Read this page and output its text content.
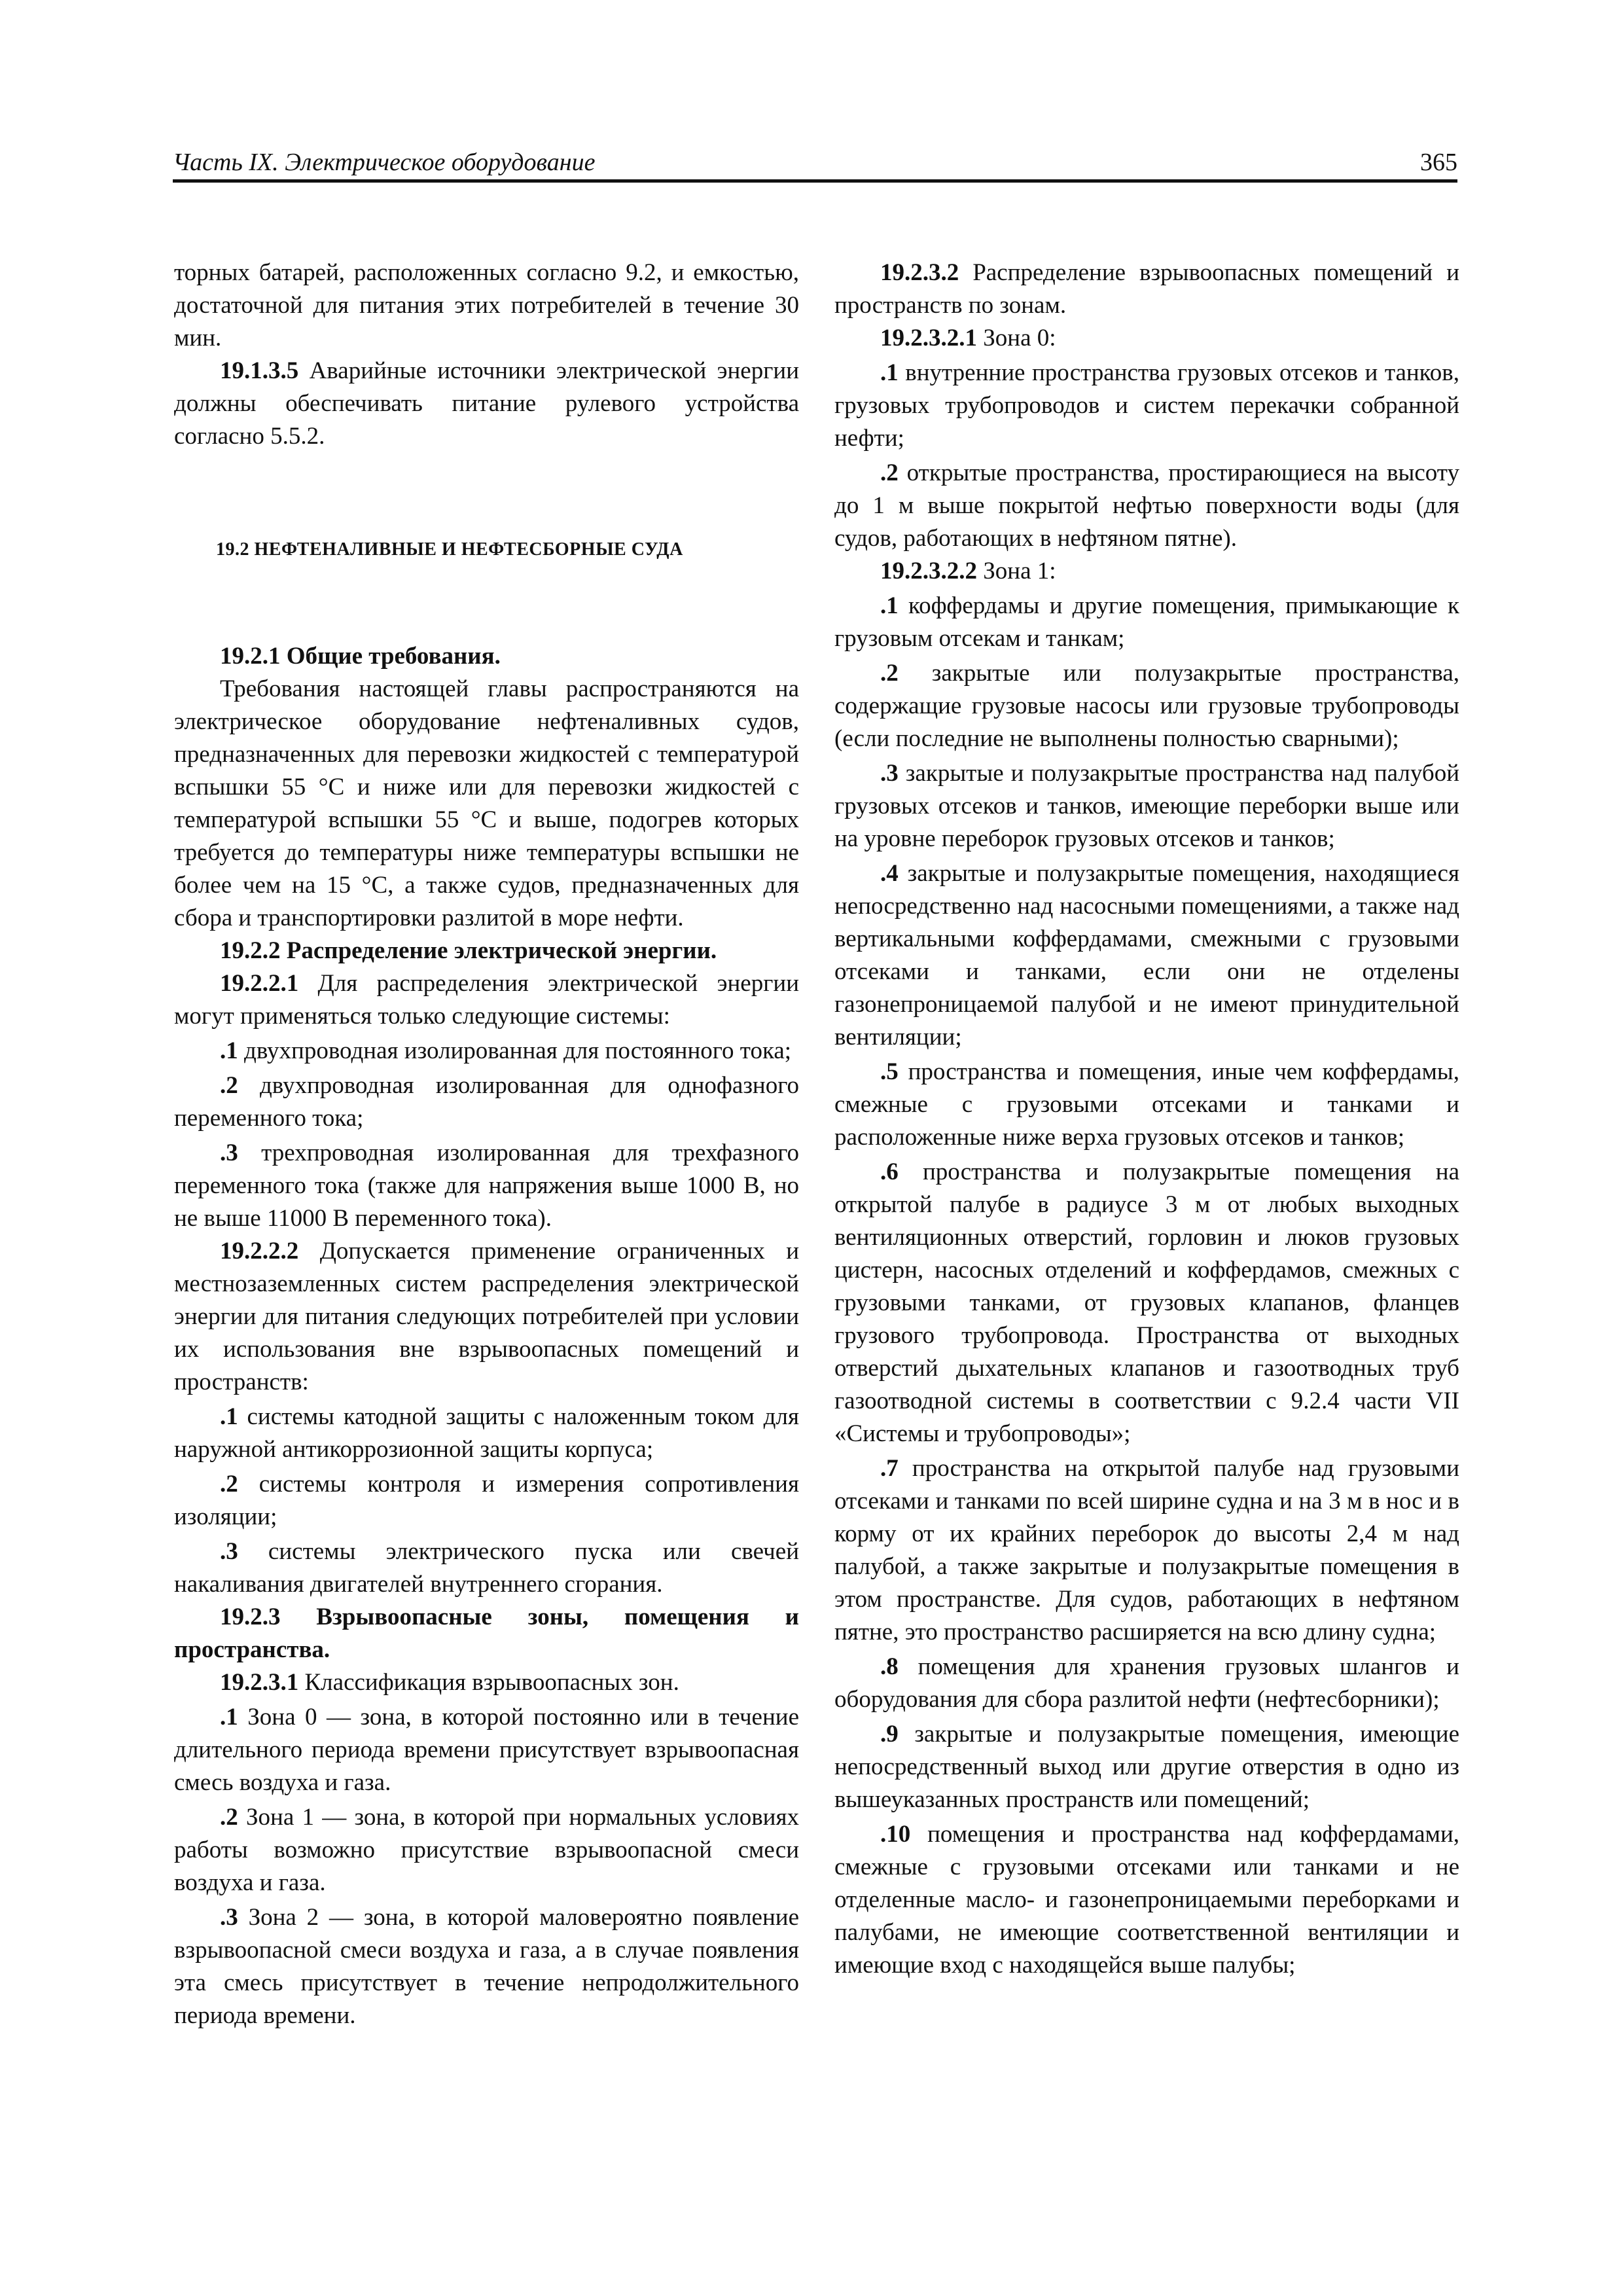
Часть IX. Электрическое оборудование	365

торных батарей, расположенных согласно 9.2, и емкостью, достаточной для питания этих потребителей в течение 30 мин.

19.1.3.5 Аварийные источники электрической энергии должны обеспечивать питание рулевого устройства согласно 5.5.2.

19.2 НЕФТЕНАЛИВНЫЕ И НЕФТЕСБОРНЫЕ СУДА

19.2.1 Общие требования.

Требования настоящей главы распространяются на электрическое оборудование нефтеналивных судов, предназначенных для перевозки жидкостей с температурой вспышки 55 °С и ниже или для перевозки жидкостей с температурой вспышки 55 °С и выше, подогрев которых требуется до температуры ниже температуры вспышки не более чем на 15 °С, а также судов, предназначенных для сбора и транспортировки разлитой в море нефти.

19.2.2 Распределение электрической энергии.

19.2.2.1 Для распределения электрической энергии могут применяться только следующие системы:

.1 двухпроводная изолированная для постоянного тока;

.2 двухпроводная изолированная для однофазного переменного тока;

.3 трехпроводная изолированная для трехфазного переменного тока (также для напряжения выше 1000 В, но не выше 11000 В переменного тока).

19.2.2.2 Допускается применение ограниченных и местнозаземленных систем распределения электрической энергии для питания следующих потребителей при условии их использования вне взрывоопасных помещений и пространств:

.1 системы катодной защиты с наложенным током для наружной антикоррозионной защиты корпуса;

.2 системы контроля и измерения сопротивления изоляции;

.3 системы электрического пуска или свечей накаливания двигателей внутреннего сгорания.

19.2.3 Взрывоопасные зоны, помещения и пространства.

19.2.3.1 Классификация взрывоопасных зон.

.1 Зона 0 — зона, в которой постоянно или в течение длительного периода времени присутствует взрывоопасная смесь воздуха и газа.

.2 Зона 1 — зона, в которой при нормальных условиях работы возможно присутствие взрывоопасной смеси воздуха и газа.

.3 Зона 2 — зона, в которой маловероятно появление взрывоопасной смеси воздуха и газа, а в случае появления эта смесь присутствует в течение непродолжительного периода времени.

19.2.3.2 Распределение взрывоопасных помещений и пространств по зонам.

19.2.3.2.1 Зона 0:

.1 внутренние пространства грузовых отсеков и танков, грузовых трубопроводов и систем перекачки собранной нефти;

.2 открытые пространства, простирающиеся на высоту до 1 м выше покрытой нефтью поверхности воды (для судов, работающих в нефтяном пятне).

19.2.3.2.2 Зона 1:

.1 коффердамы и другие помещения, примыкающие к грузовым отсекам и танкам;

.2 закрытые или полузакрытые пространства, содержащие грузовые насосы или грузовые трубопроводы (если последние не выполнены полностью сварными);

.3 закрытые и полузакрытые пространства над палубой грузовых отсеков и танков, имеющие переборки выше или на уровне переборок грузовых отсеков и танков;

.4 закрытые и полузакрытые помещения, находящиеся непосредственно над насосными помещениями, а также над вертикальными коффердамами, смежными с грузовыми отсеками и танками, если они не отделены газонепроницаемой палубой и не имеют принудительной вентиляции;

.5 пространства и помещения, иные чем коффердамы, смежные с грузовыми отсеками и танками и расположенные ниже верха грузовых отсеков и танков;

.6 пространства и полузакрытые помещения на открытой палубе в радиусе 3 м от любых выходных вентиляционных отверстий, горловин и люков грузовых цистерн, насосных отделений и коффердамов, смежных с грузовыми танками, от грузовых клапанов, фланцев грузового трубопровода. Пространства от выходных отверстий дыхательных клапанов и газоотводных труб газоотводной системы в соответствии с 9.2.4 части VII «Системы и трубопроводы»;

.7 пространства на открытой палубе над грузовыми отсеками и танками по всей ширине судна и на 3 м в нос и в корму от их крайних переборок до высоты 2,4 м над палубой, а также закрытые и полузакрытые помещения в этом пространстве. Для судов, работающих в нефтяном пятне, это пространство расширяется на всю длину судна;

.8 помещения для хранения грузовых шлангов и оборудования для сбора разлитой нефти (нефтесборники);

.9 закрытые и полузакрытые помещения, имеющие непосредственный выход или другие отверстия в одно из вышеуказанных пространств или помещений;

.10 помещения и пространства над коффердамами, смежные с грузовыми отсеками или танками и не отделенные масло- и газонепроницаемыми переборками и палубами, не имеющие соответственной вентиляции и имеющие вход с находящейся выше палубы;
